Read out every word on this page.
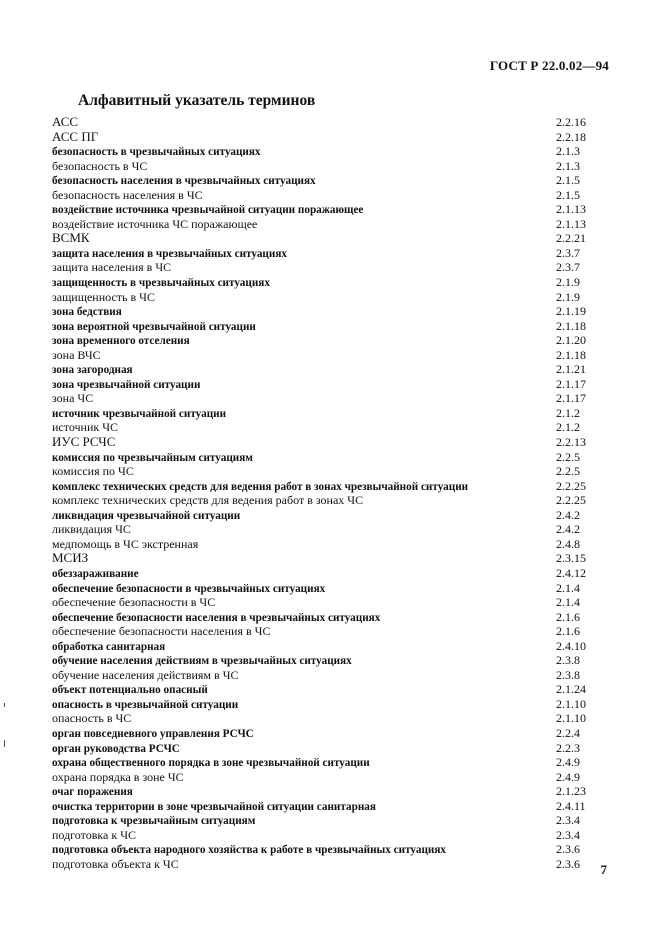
ГОСТ Р 22.0.02—94
Алфавитный указатель терминов
АСС	2.2.16
АСС ПГ	2.2.18
безопасность в чрезвычайных ситуациях	2.1.3
безопасность в ЧС	2.1.3
безопасность населения в чрезвычайных ситуациях	2.1.5
безопасность населения в ЧС	2.1.5
воздействие источника чрезвычайной ситуации поражающее	2.1.13
воздействие источника ЧС поражающее	2.1.13
ВСМК	2.2.21
защита населения в чрезвычайных ситуациях	2.3.7
защита населения в ЧС	2.3.7
защищенность в чрезвычайных ситуациях	2.1.9
защищенность в ЧС	2.1.9
зона бедствия	2.1.19
зона вероятной чрезвычайной ситуации	2.1.18
зона временного отселения	2.1.20
зона ВЧС	2.1.18
зона загородная	2.1.21
зона чрезвычайной ситуации	2.1.17
зона ЧС	2.1.17
источник чрезвычайной ситуации	2.1.2
источник ЧС	2.1.2
ИУС РСЧС	2.2.13
комиссия по чрезвычайным ситуациям	2.2.5
комиссия по ЧС	2.2.5
комплекс технических средств для ведения работ в зонах чрезвычайной ситуации	2.2.25
комплекс технических средств для ведения работ в зонах ЧС	2.2.25
ликвидация чрезвычайной ситуации	2.4.2
ликвидация ЧС	2.4.2
медпомощь в ЧС экстренная	2.4.8
МСИЗ	2.3.15
обеззараживание	2.4.12
обеспечение безопасности в чрезвычайных ситуациях	2.1.4
обеспечение безопасности в ЧС	2.1.4
обеспечение безопасности населения в чрезвычайных ситуациях	2.1.6
обеспечение безопасности населения в ЧС	2.1.6
обработка санитарная	2.4.10
обучение населения действиям в чрезвычайных ситуациях	2.3.8
обучение населения действиям в ЧС	2.3.8
объект потенциально опасный	2.1.24
опасность в чрезвычайной ситуации	2.1.10
опасность в ЧС	2.1.10
орган повседневного управления РСЧС	2.2.4
орган руководства РСЧС	2.2.3
охрана общественного порядка в зоне чрезвычайной ситуации	2.4.9
охрана порядка в зоне ЧС	2.4.9
очаг поражения	2.1.23
очистка территории в зоне чрезвычайной ситуации санитарная	2.4.11
подготовка к чрезвычайным ситуациям	2.3.4
подготовка к ЧС	2.3.4
подготовка объекта народного хозяйства к работе в чрезвычайных ситуациях	2.3.6
подготовка объекта к ЧС	2.3.6	7
